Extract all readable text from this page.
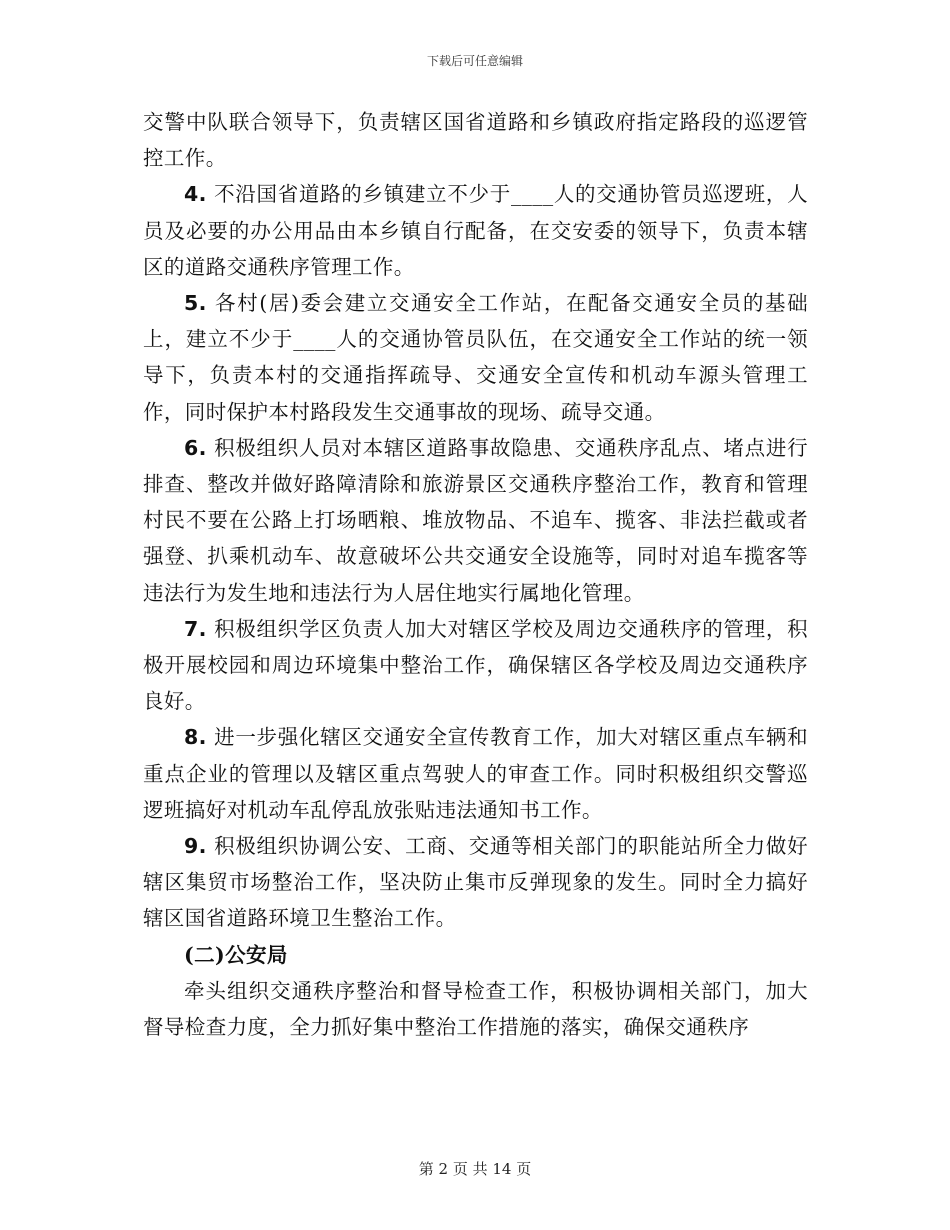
下载后可任意编辑

交警中队联合领导下，负责辖区国省道路和乡镇政府指定路段的巡逻管控工作。

4. 不沿国省道路的乡镇建立不少于____人的交通协管员巡逻班，人员及必要的办公用品由本乡镇自行配备，在交安委的领导下，负责本辖区的道路交通秩序管理工作。

5. 各村(居)委会建立交通安全工作站，在配备交通安全员的基础上，建立不少于____人的交通协管员队伍，在交通安全工作站的统一领导下，负责本村的交通指挥疏导、交通安全宣传和机动车源头管理工作，同时保护本村路段发生交通事故的现场、疏导交通。

6. 积极组织人员对本辖区道路事故隐患、交通秩序乱点、堵点进行排查、整改并做好路障清除和旅游景区交通秩序整治工作，教育和管理村民不要在公路上打场晒粮、堆放物品、不追车、揽客、非法拦截或者强登、扒乘机动车、故意破坏公共交通安全设施等，同时对追车揽客等违法行为发生地和违法行为人居住地实行属地化管理。

7. 积极组织学区负责人加大对辖区学校及周边交通秩序的管理，积极开展校园和周边环境集中整治工作，确保辖区各学校及周边交通秩序良好。

8. 进一步强化辖区交通安全宣传教育工作，加大对辖区重点车辆和重点企业的管理以及辖区重点驾驶人的审查工作。同时积极组织交警巡逻班搞好对机动车乱停乱放张贴违法通知书工作。

9. 积极组织协调公安、工商、交通等相关部门的职能站所全力做好辖区集贸市场整治工作，坚决防止集市反弹现象的发生。同时全力搞好辖区国省道路环境卫生整治工作。

(二)公安局

牵头组织交通秩序整治和督导检查工作，积极协调相关部门，加大督导检查力度，全力抓好集中整治工作措施的落实，确保交通秩序

第 2 页 共 14 页
